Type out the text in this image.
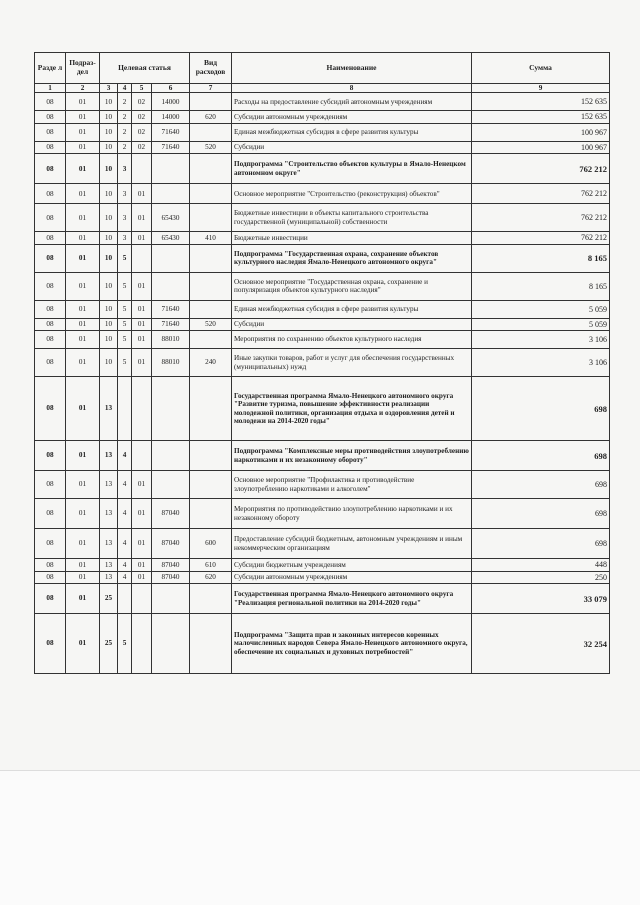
Разде л	Подраз- дел	Целевая статья				Вид расходов	Наименование	Сумма
1	2	3	4	5	6	7	8	9
08	01	10	2	02	14000		Расходы на предоставление субсидий автономным учреждениям	152 635
08	01	10	2	02	14000	620	Субсидии автономным учреждениям	152 635
08	01	10	2	02	71640		Единая межбюджетная субсидия в сфере развития культуры	100 967
08	01	10	2	02	71640	520	Субсидии	100 967
08	01	10	3				Подпрограмма "Строительство объектов культуры в Ямало-Ненецком автономном округе"	762 212
08	01	10	3	01			Основное мероприятие "Строительство (реконструкция) объектов"	762 212
08	01	10	3	01	65430		Бюджетные инвестиции в объекты капитального строительства государственной (муниципальной) собственности	762 212
08	01	10	3	01	65430	410	Бюджетные инвестиции	762 212
08	01	10	5				Подпрограмма "Государственная охрана, сохранение объектов культурного наследия Ямало-Ненецкого автономного округа"	8 165
08	01	10	5	01			Основное мероприятие "Государственная охрана, сохранение и популяризация объектов культурного наследия"	8 165
08	01	10	5	01	71640		Единая межбюджетная субсидия в сфере развития культуры	5 059
08	01	10	5	01	71640	520	Субсидии	5 059
08	01	10	5	01	88010		Мероприятия по сохранению объектов культурного наследия	3 106
08	01	10	5	01	88010	240	Иные закупки товаров, работ и услуг для обеспечения государственных (муниципальных) нужд	3 106
08	01	13					Государственная программа Ямало-Ненецкого автономного округа "Развитие туризма, повышение эффективности реализации молодежной политики, организация отдыха и оздоровления детей и молодежи на 2014-2020 годы"	698
08	01	13	4				Подпрограмма "Комплексные меры противодействия злоупотреблению наркотиками и их незаконному обороту"	698
08	01	13	4	01			Основное мероприятие "Профилактика и противодействие злоупотреблению наркотиками и алкоголем"	698
08	01	13	4	01	87040		Мероприятия по противодействию злоупотреблению наркотиками и их незаконному обороту	698
08	01	13	4	01	87040	600	Предоставление субсидий бюджетным, автономным учреждениям и иным некоммерческим организациям	698
08	01	13	4	01	87040	610	Субсидии бюджетным учреждениям	448
08	01	13	4	01	87040	620	Субсидии автономным учреждениям	250
08	01	25					Государственная программа Ямало-Ненецкого автономного округа "Реализация региональной политики на 2014-2020 годы"	33 079
08	01	25	5				Подпрограмма "Защита прав и законных интересов коренных малочисленных народов Севера Ямало-Ненецкого автономного округа, обеспечение их социальных и духовных потребностей"	32 254
